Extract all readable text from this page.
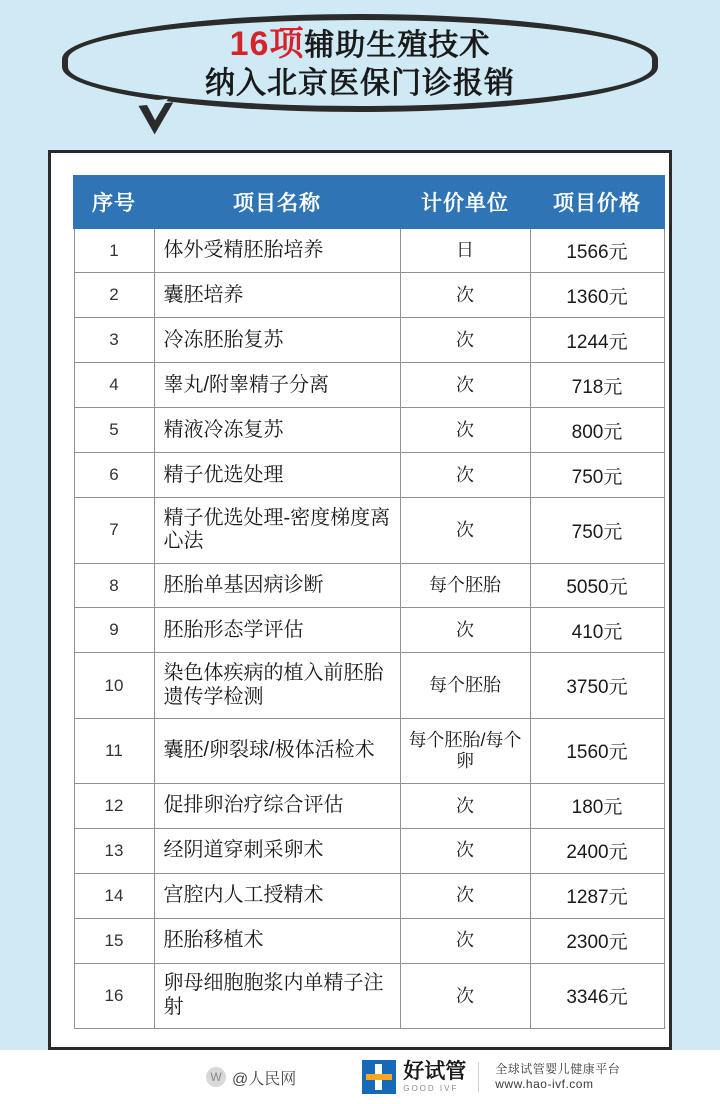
16项辅助生殖技术
纳入北京医保门诊报销
序号	项目名称	计价单位	项目价格
1	体外受精胚胎培养	日	1566元
2	囊胚培养	次	1360元
3	冷冻胚胎复苏	次	1244元
4	睾丸/附睾精子分离	次	718元
5	精液冷冻复苏	次	800元
6	精子优选处理	次	750元
7	精子优选处理-密度梯度离心法	次	750元
8	胚胎单基因病诊断	每个胚胎	5050元
9	胚胎形态学评估	次	410元
10	染色体疾病的植入前胚胎遗传学检测	每个胚胎	3750元
11	囊胚/卵裂球/极体活检术	每个胚胎/每个卵	1560元
12	促排卵治疗综合评估	次	180元
13	经阴道穿刺采卵术	次	2400元
14	宫腔内人工授精术	次	1287元
15	胚胎移植术	次	2300元
16	卵母细胞胞浆内单精子注射	次	3346元
W @人民网	好试管
GOOD IVF
全球试管婴儿健康平台
www.hao-ivf.com
